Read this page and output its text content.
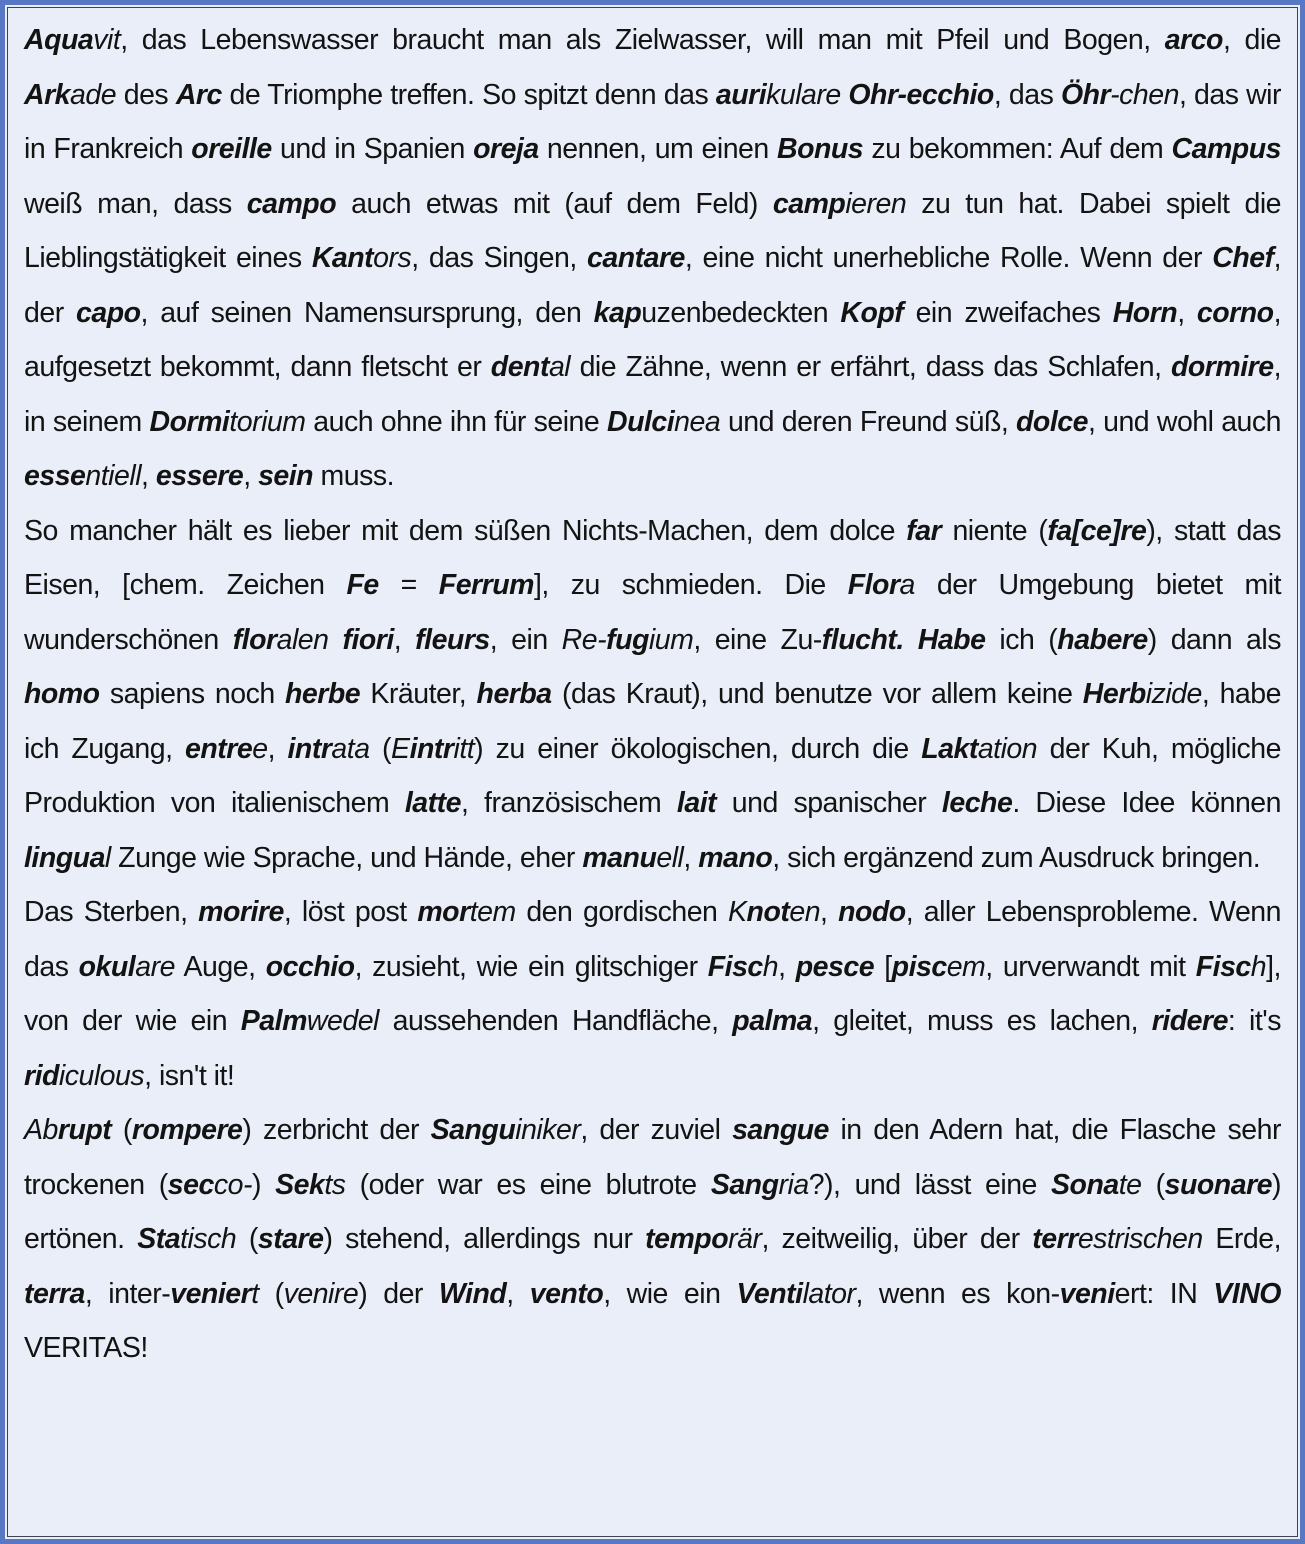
Aquavit, das Lebenswasser braucht man als Zielwasser, will man mit Pfeil und Bogen, arco, die Arkade des Arc de Triomphe treffen. So spitzt denn das aurikulare Ohr-ecchio, das Öhr-chen, das wir in Frankreich oreille und in Spanien oreja nennen, um einen Bonus zu bekommen: Auf dem Campus weiß man, dass campo auch etwas mit (auf dem Feld) campieren zu tun hat. Dabei spielt die Lieblingstätigkeit eines Kantors, das Singen, cantare, eine nicht unerhebliche Rolle. Wenn der Chef, der capo, auf seinen Namensursprung, den kapuzenbedeckten Kopf ein zweifaches Horn, corno, aufgesetzt bekommt, dann fletscht er dental die Zähne, wenn er erfährt, dass das Schlafen, dormire, in seinem Dormitorium auch ohne ihn für seine Dulcinea und deren Freund süß, dolce, und wohl auch essentiell, essere, sein muss.

So mancher hält es lieber mit dem süßen Nichts-Machen, dem dolce far niente (fa[ce]re), statt das Eisen, [chem. Zeichen Fe = Ferrum], zu schmieden. Die Flora der Umgebung bietet mit wunderschönen floralen fiori, fleurs, ein Re-fugium, eine Zu-flucht. Habe ich (habere) dann als homo sapiens noch herbe Kräuter, herba (das Kraut), und benutze vor allem keine Herbizide, habe ich Zugang, entree, intrata (Eintritt) zu einer ökologischen, durch die Laktation der Kuh, mögliche Produktion von italienischem latte, französischem lait und spanischer leche. Diese Idee können lingual Zunge wie Sprache, und Hände, eher manuell, mano, sich ergänzend zum Ausdruck bringen.

Das Sterben, morire, löst post mortem den gordischen Knoten, nodo, aller Lebensprobleme. Wenn das okulare Auge, occhio, zusieht, wie ein glitschiger Fisch, pesce [piscem, urverwandt mit Fisch], von der wie ein Palmwedel aussehenden Handfläche, palma, gleitet, muss es lachen, ridere: it's ridiculous, isn't it!

Abrupt (rompere) zerbricht der Sanguiniker, der zuviel sangue in den Adern hat, die Flasche sehr trockenen (secco-) Sekts (oder war es eine blutrote Sangria?), und lässt eine Sonate (suonare) ertönen. Statisch (stare) stehend, allerdings nur temporär, zeitweilig, über der terrestrischen Erde, terra, inter-veniert (venire) der Wind, vento, wie ein Ventilator, wenn es kon-veniert: IN VINO VERITAS!
